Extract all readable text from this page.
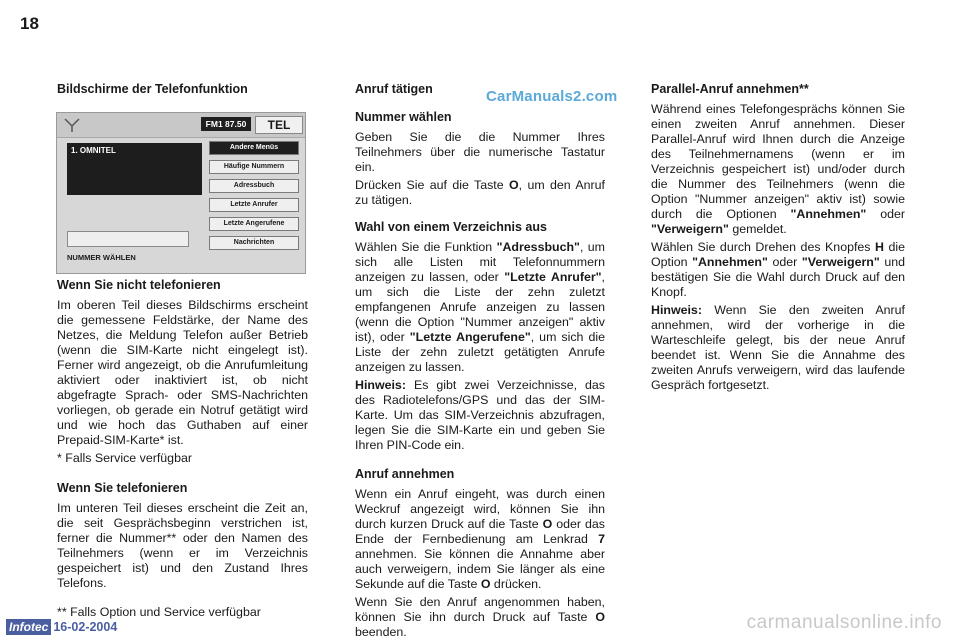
18
CarManuals2.com

Bildschirme der Telefonfunktion

FM1 87.50	TEL
1. OMNITEL	Andere Menüs
Häufige Nummern
Adressbuch
Letzte Anrufer
Letzte Angerufene
Nachrichten
NUMMER WÄHLEN

Wenn Sie nicht telefonieren

Im oberen Teil dieses Bildschirms erscheint die gemessene Feldstärke, der Name des Netzes, die Meldung Telefon außer Betrieb (wenn die SIM-Karte nicht eingelegt ist). Ferner wird angezeigt, ob die Anrufumleitung aktiviert oder inaktiviert ist, ob nicht abgefragte Sprach- oder SMS-Nachrichten vorliegen, ob gerade ein Notruf getätigt wird und wie hoch das Guthaben auf einer Prepaid-SIM-Karte* ist.

* Falls Service verfügbar

Wenn Sie telefonieren

Im unteren Teil dieses erscheint die Zeit an, die seit Gesprächsbeginn verstrichen ist, ferner die Nummer** oder den Namen des Teilnehmers (wenn er im Verzeichnis gespeichert ist) und den Zustand Ihres Telefons.

** Falls Option und Service verfügbar

Anruf tätigen

Nummer wählen

Geben Sie die die Nummer Ihres Teilnehmers über die numerische Tastatur ein.

Drücken Sie auf die Taste O, um den Anruf zu tätigen.

Wahl von einem Verzeichnis aus

Wählen Sie die Funktion "Adressbuch", um sich alle Listen mit Telefonnummern anzeigen zu lassen, oder "Letzte Anrufer", um sich die Liste der zehn zuletzt empfangenen Anrufe anzeigen zu lassen (wenn die Option "Nummer anzeigen" aktiv ist), oder "Letzte Angerufene", um sich die Liste der zehn zuletzt getätigten Anrufe anzeigen zu lassen.

Hinweis: Es gibt zwei Verzeichnisse, das des Radiotelefons/GPS und das der SIM-Karte. Um das SIM-Verzeichnis abzufragen, legen Sie die SIM-Karte ein und geben Sie Ihren PIN-Code ein.

Anruf annehmen

Wenn ein Anruf eingeht, was durch einen Weckruf angezeigt wird, können Sie ihn durch kurzen Druck auf die Taste O oder das Ende der Fernbedienung am Lenkrad 7 annehmen. Sie können die Annahme aber auch verweigern, indem Sie länger als eine Sekunde auf die Taste O drücken.

Wenn Sie den Anruf angenommen haben, können Sie ihn durch Druck auf Taste O beenden.

Parallel-Anruf annehmen**

Während eines Telefongesprächs können Sie einen zweiten Anruf annehmen. Dieser Parallel-Anruf wird Ihnen durch die Anzeige des Teilnehmernamens (wenn er im Verzeichnis gespeichert ist) und/oder durch die Nummer des Teilnehmers (wenn die Option "Nummer anzeigen" aktiv ist) sowie durch die Optionen "Annehmen" oder "Verweigern" gemeldet.

Wählen Sie durch Drehen des Knopfes H die Option "Annehmen" oder "Verweigern" und bestätigen Sie die Wahl durch Druck auf den Knopf.

Hinweis: Wenn Sie den zweiten Anruf annehmen, wird der vorherige in die Warteschleife gelegt, bis der neue Anruf beendet ist. Wenn Sie die Annahme des zweiten Anrufs verweigern, wird das laufende Gespräch fortgesetzt.

Infotec 16-02-2004	carmanualsonline.info
